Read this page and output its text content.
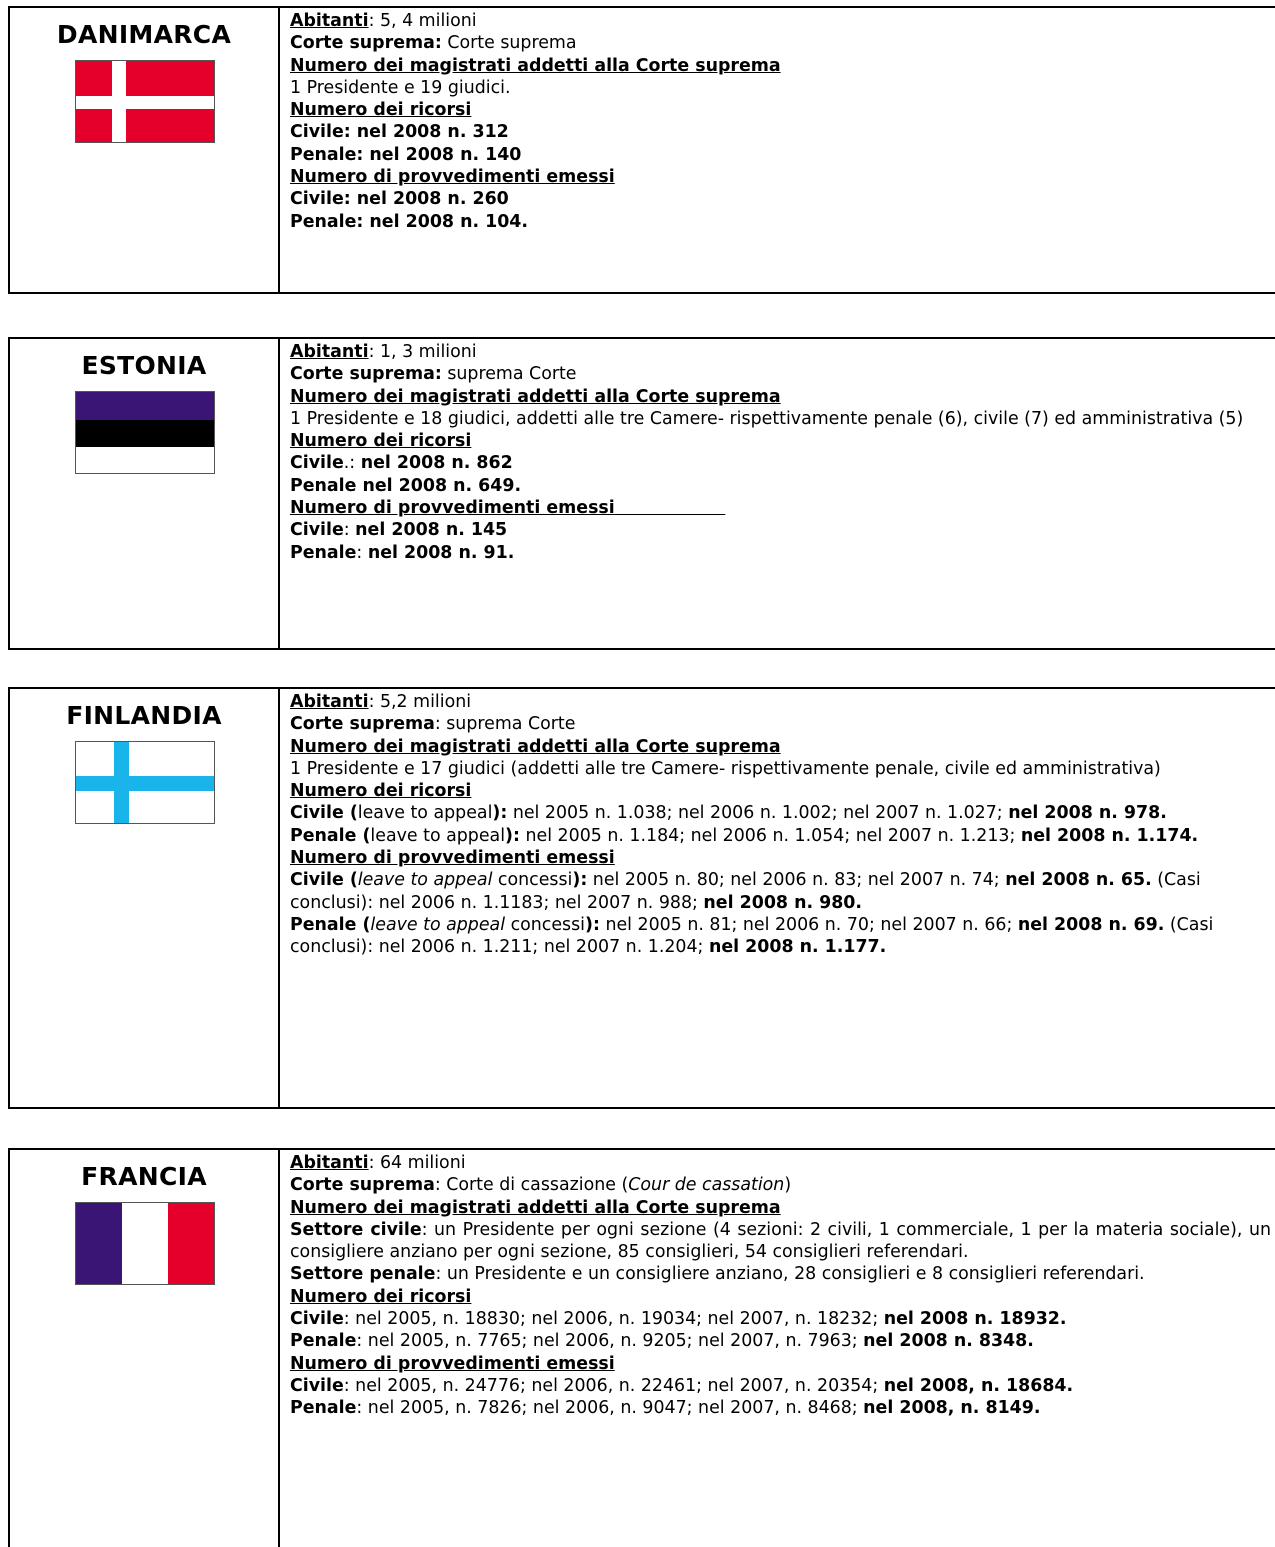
DANIMARCA	Abitanti: 5, 4 milioni

Corte suprema: Corte suprema

Numero dei magistrati addetti alla Corte suprema

1 Presidente e 19 giudici.

Numero dei ricorsi

Civile: nel 2008 n. 312

Penale: nel 2008 n. 140

Numero di provvedimenti emessi

Civile: nel 2008 n. 260

Penale: nel 2008 n. 104.

ESTONIA	Abitanti: 1, 3 milioni

Corte suprema: suprema Corte

Numero dei magistrati addetti alla Corte suprema

1 Presidente e 18 giudici, addetti alle tre Camere- rispettivamente penale (6), civile (7) ed amministrativa (5)

Numero dei ricorsi

Civile.: nel 2008 n. 862

Penale nel 2008 n. 649.

Numero di provvedimenti emessi

Civile: nel 2008 n. 145

Penale: nel 2008 n. 91.

FINLANDIA	Abitanti: 5,2 milioni

Corte suprema: suprema Corte

Numero dei magistrati addetti alla Corte suprema

1 Presidente e 17 giudici (addetti alle tre Camere- rispettivamente penale, civile ed amministrativa)

Numero dei ricorsi

Civile (leave to appeal): nel 2005 n. 1.038; nel 2006 n. 1.002; nel 2007 n. 1.027; nel 2008 n. 978.

Penale (leave to appeal): nel 2005 n. 1.184; nel 2006 n. 1.054; nel 2007 n. 1.213; nel 2008 n. 1.174.

Numero di provvedimenti emessi

Civile (leave to appeal concessi): nel 2005 n. 80; nel 2006 n. 83; nel 2007 n. 74; nel 2008 n. 65. (Casi conclusi): nel 2006 n. 1.1183; nel 2007 n. 988; nel 2008 n. 980.

Penale (leave to appeal concessi): nel 2005 n. 81; nel 2006 n. 70; nel 2007 n. 66; nel 2008 n. 69. (Casi conclusi): nel 2006 n. 1.211; nel 2007 n. 1.204; nel 2008 n. 1.177.

FRANCIA	Abitanti: 64 milioni

Corte suprema: Corte di cassazione (Cour de cassation)

Numero dei magistrati addetti alla Corte suprema

Settore civile: un Presidente per ogni sezione (4 sezioni: 2 civili, 1 commerciale, 1 per la materia sociale), un consigliere anziano per ogni sezione, 85 consiglieri, 54 consiglieri referendari.

Settore penale: un Presidente e un consigliere anziano, 28 consiglieri e 8 consiglieri referendari.

Numero dei ricorsi

Civile: nel 2005, n. 18830; nel 2006, n. 19034; nel 2007, n. 18232; nel 2008 n. 18932.

Penale: nel 2005, n. 7765; nel 2006, n. 9205; nel 2007, n. 7963; nel 2008 n. 8348.

Numero di provvedimenti emessi

Civile: nel 2005, n. 24776; nel 2006, n. 22461; nel 2007, n. 20354; nel 2008, n. 18684.

Penale: nel 2005, n. 7826; nel 2006, n. 9047; nel 2007, n. 8468; nel 2008, n. 8149.
